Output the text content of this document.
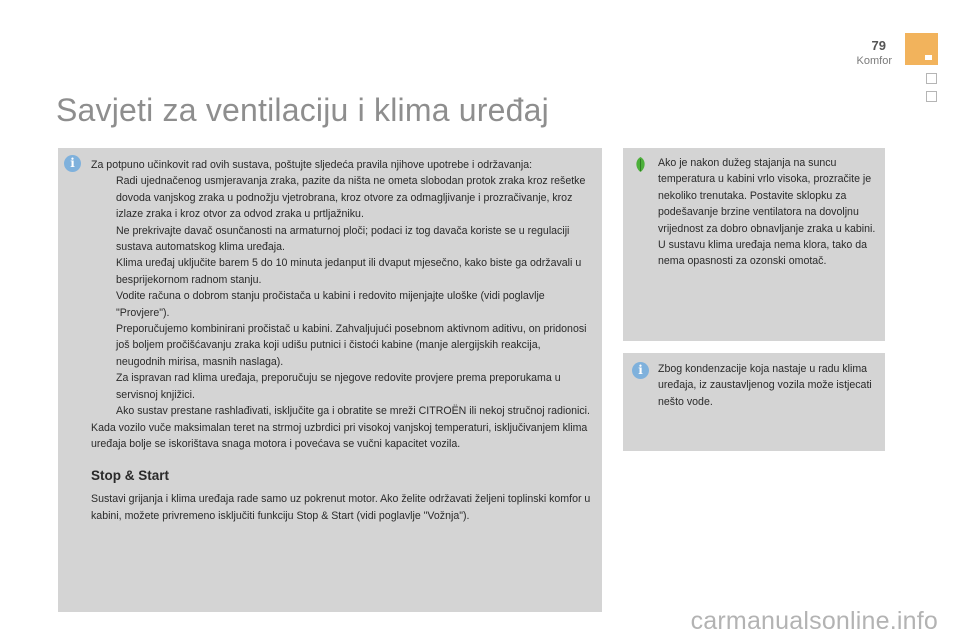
79
Komfor
Savjeti za ventilaciju i klima uređaj
i	Za potpuno učinkovit rad ovih sustava, poštujte sljedeća pravila njihove upotrebe i održavanja:

Radi ujednačenog usmjeravanja zraka, pazite da ništa ne ometa slobodan protok zraka kroz rešetke dovoda vanjskog zraka u podnožju vjetrobrana, kroz otvore za odmagljivanje i prozračivanje, kroz izlaze zraka i kroz otvor za odvod zraka u prtljažniku.
Ne prekrivajte davač osunčanosti na armaturnoj ploči; podaci iz tog davača koriste se u regulaciji sustava automatskog klima uređaja.
Klima uređaj uključite barem 5 do 10 minuta jedanput ili dvaput mjesečno, kako biste ga održavali u besprijekornom radnom stanju.
Vodite računa o dobrom stanju pročistača u kabini i redovito mijenjajte uloške (vidi poglavlje "Provjere").
Preporučujemo kombinirani pročistač u kabini. Zahvaljujući posebnom aktivnom aditivu, on pridonosi još boljem pročišćavanju zraka koji udišu putnici i čistoći kabine (manje alergijskih reakcija, neugodnih mirisa, masnih naslaga).
Za ispravan rad klima uređaja, preporučuju se njegove redovite provjere prema preporukama u servisnoj knjižici.
Ako sustav prestane rashlađivati, isključite ga i obratite se mreži CITROËN ili nekoj stručnoj radionici.

Kada vozilo vuče maksimalan teret na strmoj uzbrdici pri visokoj vanjskoj temperaturi, isključivanjem klima uređaja bolje se iskorištava snaga motora i povećava se vučni kapacitet vozila.

Stop & Start

Sustavi grijanja i klima uređaja rade samo uz pokrenut motor. Ako želite održavati željeni toplinski komfor u kabini, možete privremeno isključiti funkciju Stop & Start (vidi poglavlje "Vožnja").

Ako je nakon dužeg stajanja na suncu temperatura u kabini vrlo visoka, prozračite je nekoliko trenutaka. Postavite sklopku za podešavanje brzine ventilatora na dovoljnu vrijednost za dobro obnavljanje zraka u kabini. U sustavu klima uređaja nema klora, tako da nema opasnosti za ozonski omotač.

i	Zbog kondenzacije koja nastaje u radu klima uređaja, iz zaustavljenog vozila može istjecati nešto vode.

carmanualsonline.info
